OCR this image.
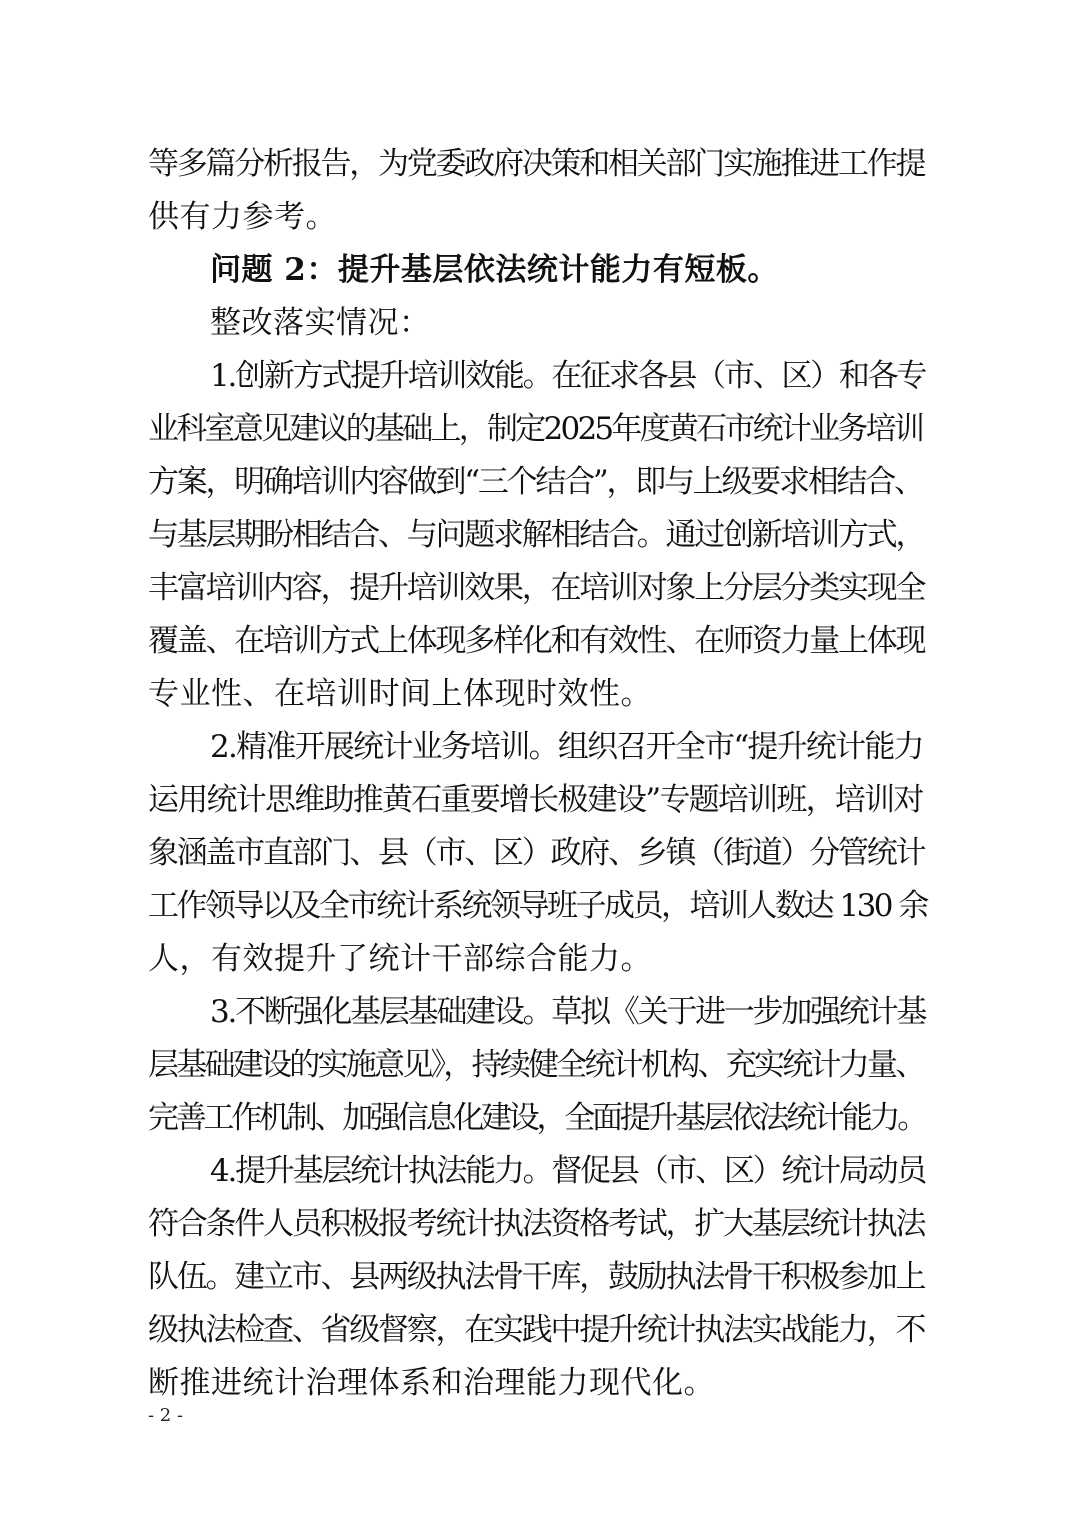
等多篇分析报告，为党委政府决策和相关部门实施推进工作提
供有力参考。
问题 2：提升基层依法统计能力有短板。
整改落实情况：
1.创新方式提升培训效能。在征求各县（市、区）和各专
业科室意见建议的基础上，制定2025年度黄石市统计业务培训
方案，明确培训内容做到“三个结合”，即与上级要求相结合、
与基层期盼相结合、与问题求解相结合。通过创新培训方式，
丰富培训内容，提升培训效果，在培训对象上分层分类实现全
覆盖、在培训方式上体现多样化和有效性、在师资力量上体现
专业性、在培训时间上体现时效性。
2.精准开展统计业务培训。组织召开全市“提升统计能力
运用统计思维助推黄石重要增长极建设”专题培训班，培训对
象涵盖市直部门、县（市、区）政府、乡镇（街道）分管统计
工作领导以及全市统计系统领导班子成员，培训人数达 130 余
人，有效提升了统计干部综合能力。
3.不断强化基层基础建设。草拟《关于进一步加强统计基
层基础建设的实施意见》，持续健全统计机构、充实统计力量、
完善工作机制、加强信息化建设，全面提升基层依法统计能力。
4.提升基层统计执法能力。督促县（市、区）统计局动员
符合条件人员积极报考统计执法资格考试，扩大基层统计执法
队伍。建立市、县两级执法骨干库，鼓励执法骨干积极参加上
级执法检查、省级督察，在实践中提升统计执法实战能力，不
断推进统计治理体系和治理能力现代化。
- 2 -
